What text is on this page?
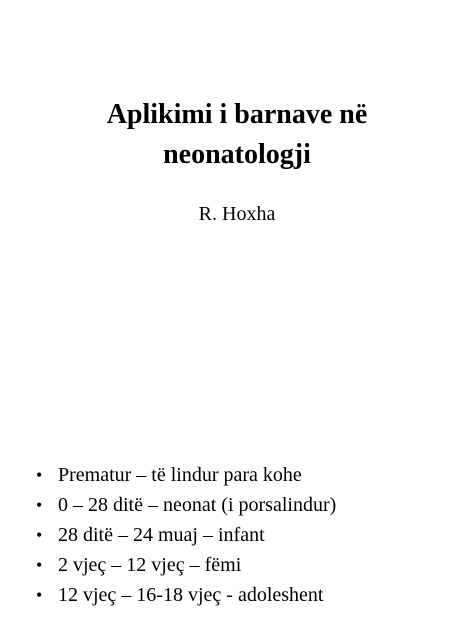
Aplikimi i barnave në
neonatologji
R. Hoxha
• Prematur – të lindur para kohe
• 0 – 28 ditë – neonat (i porsalindur)
• 28 ditë – 24 muaj – infant
• 2 vjeç – 12 vjeç – fëmi
• 12 vjeç – 16-18 vjeç - adoleshent
